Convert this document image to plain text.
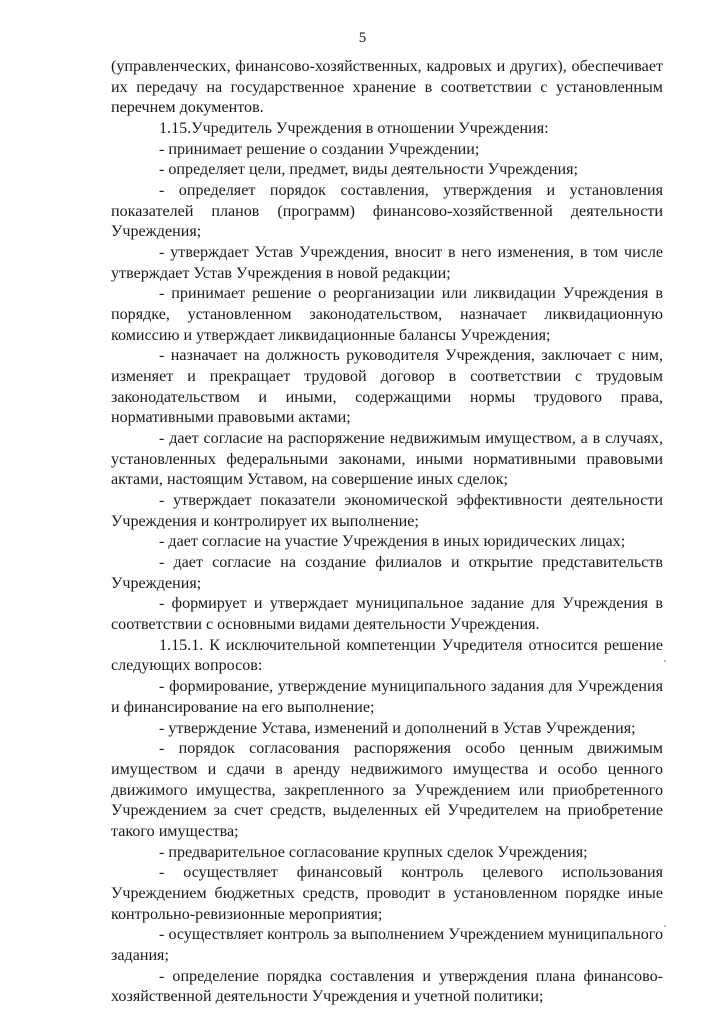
5

(управленческих, финансово-хозяйственных, кадровых и других), обеспечивает их передачу на государственное хранение в соответствии с установленным перечнем документов.

1.15.Учредитель Учреждения в отношении Учреждения:

- принимает решение о создании Учреждении;

- определяет цели, предмет, виды деятельности Учреждения;

- определяет порядок составления, утверждения и установления показателей планов (программ) финансово-хозяйственной деятельности Учреждения;

- утверждает Устав Учреждения, вносит в него изменения, в том числе утверждает Устав Учреждения в новой редакции;

- принимает решение о реорганизации или ликвидации Учреждения в порядке, установленном законодательством, назначает ликвидационную комиссию и утверждает ликвидационные балансы Учреждения;

- назначает на должность руководителя Учреждения, заключает с ним, изменяет и прекращает трудовой договор в соответствии с трудовым законодательством и иными, содержащими нормы трудового права, нормативными правовыми актами;

- дает согласие на распоряжение недвижимым имуществом, а в случаях, установленных федеральными законами, иными нормативными правовыми актами, настоящим Уставом, на совершение иных сделок;

- утверждает показатели экономической эффективности деятельности Учреждения и контролирует их выполнение;

- дает согласие на участие Учреждения в иных юридических лицах;

- дает согласие на создание филиалов и открытие представительств Учреждения;

- формирует и утверждает муниципальное задание для Учреждения в соответствии с основными видами деятельности Учреждения.

1.15.1. К исключительной компетенции Учредителя относится решение следующих вопросов:

- формирование, утверждение муниципального задания для Учреждения и финансирование на его выполнение;

- утверждение Устава, изменений и дополнений в Устав Учреждения;

- порядок согласования распоряжения особо ценным движимым имуществом и сдачи в аренду недвижимого имущества и особо ценного движимого имущества, закрепленного за Учреждением или приобретенного Учреждением за счет средств, выделенных ей Учредителем на приобретение такого имущества;

- предварительное согласование крупных сделок Учреждения;

- осуществляет финансовый контроль целевого использования Учреждением бюджетных средств, проводит в установленном порядке иные контрольно-ревизионные мероприятия;

- осуществляет контроль за выполнением Учреждением муниципального задания;

- определение порядка составления и утверждения плана финансово-хозяйственной деятельности Учреждения и учетной политики;
